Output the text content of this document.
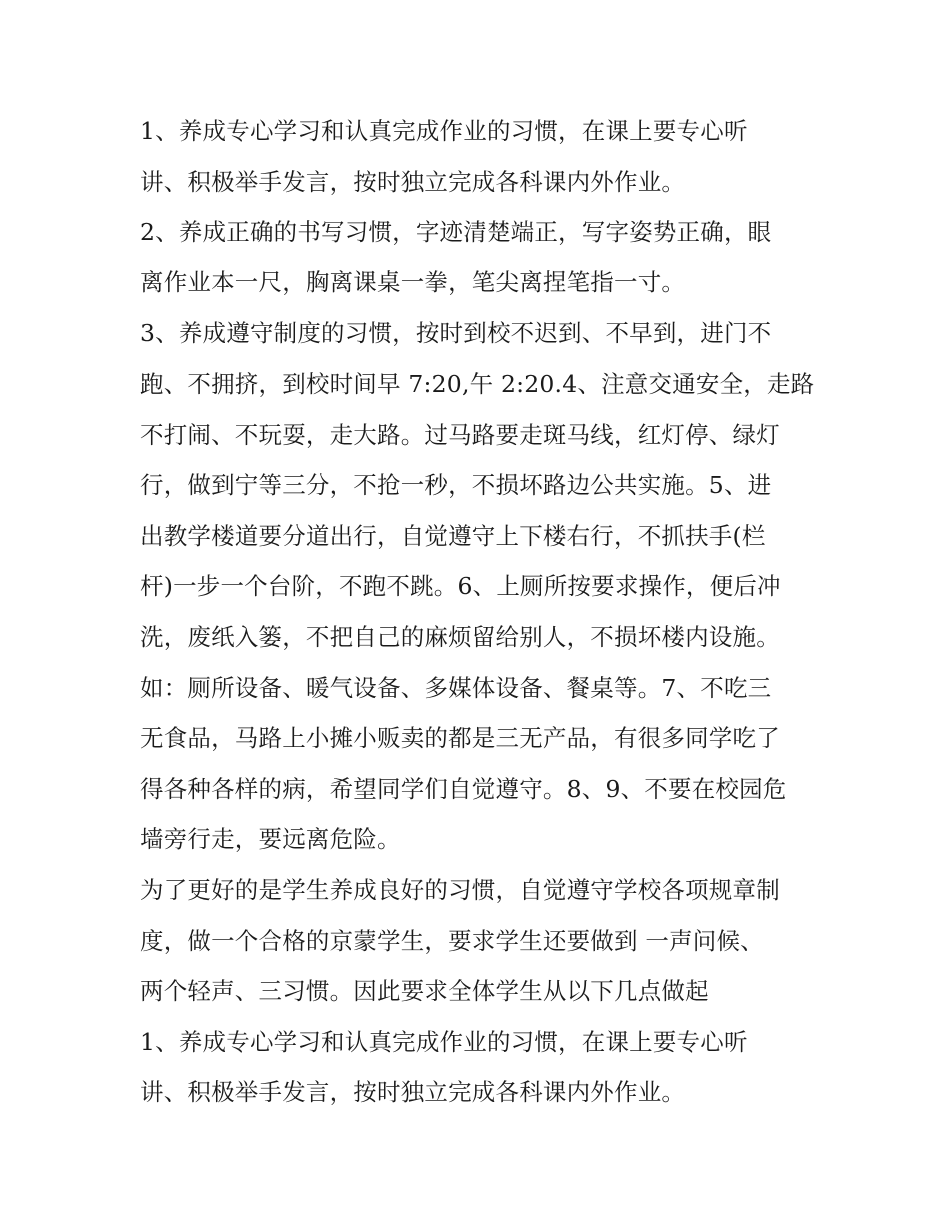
1、养成专心学习和认真完成作业的习惯，在课上要专心听
讲、积极举手发言，按时独立完成各科课内外作业。
2、养成正确的书写习惯，字迹清楚端正，写字姿势正确，眼
离作业本一尺，胸离课桌一拳，笔尖离捏笔指一寸。
3、养成遵守制度的习惯，按时到校不迟到、不早到，进门不
跑、不拥挤，到校时间早 7:20,午 2:20.4、注意交通安全，走路
不打闹、不玩耍，走大路。过马路要走斑马线，红灯停、绿灯
行，做到宁等三分，不抢一秒，不损坏路边公共实施。5、进
出教学楼道要分道出行，自觉遵守上下楼右行，不抓扶手(栏
杆)一步一个台阶，不跑不跳。6、上厕所按要求操作，便后冲
洗，废纸入篓，不把自己的麻烦留给别人，不损坏楼内设施。
如：厕所设备、暖气设备、多媒体设备、餐桌等。7、不吃三
无食品，马路上小摊小贩卖的都是三无产品，有很多同学吃了
得各种各样的病，希望同学们自觉遵守。8、9、不要在校园危
墙旁行走，要远离危险。
为了更好的是学生养成良好的习惯，自觉遵守学校各项规章制
度，做一个合格的京蒙学生，要求学生还要做到 一声问候、
两个轻声、三习惯。因此要求全体学生从以下几点做起
1、养成专心学习和认真完成作业的习惯，在课上要专心听
讲、积极举手发言，按时独立完成各科课内外作业。
